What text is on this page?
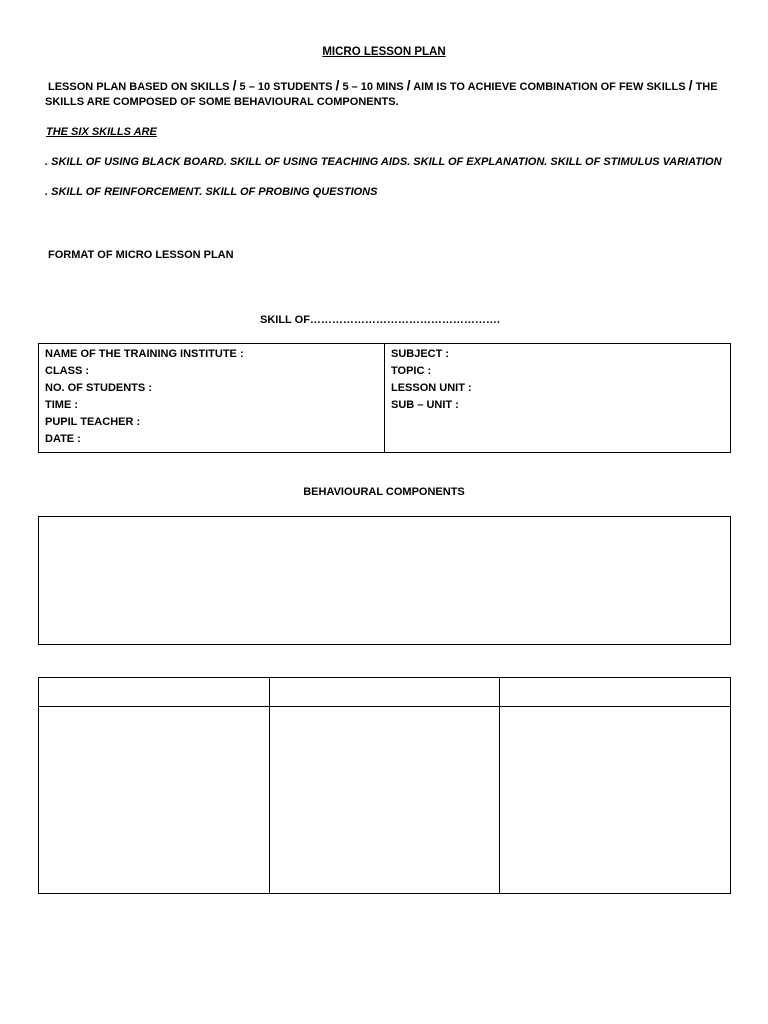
MICRO LESSON PLAN
LESSON PLAN BASED ON SKILLS / 5 – 10 STUDENTS / 5 – 10 MINS / AIM IS TO ACHIEVE COMBINATION OF FEW SKILLS / THE
SKILLS ARE COMPOSED OF SOME BEHAVIOURAL COMPONENTS.
THE SIX SKILLS ARE
. SKILL OF USING BLACK BOARD. SKILL OF USING TEACHING AIDS. SKILL OF EXPLANATION. SKILL OF STIMULUS VARIATION
. SKILL OF REINFORCEMENT. SKILL OF PROBING QUESTIONS
FORMAT OF MICRO LESSON PLAN
SKILL OF…………………………………………….
NAME OF THE TRAINING INSTITUTE :
CLASS :
NO. OF STUDENTS :
TIME :
PUPIL TEACHER :
DATE :
SUBJECT :
TOPIC :
LESSON UNIT :
SUB – UNIT :
BEHAVIOURAL COMPONENTS
